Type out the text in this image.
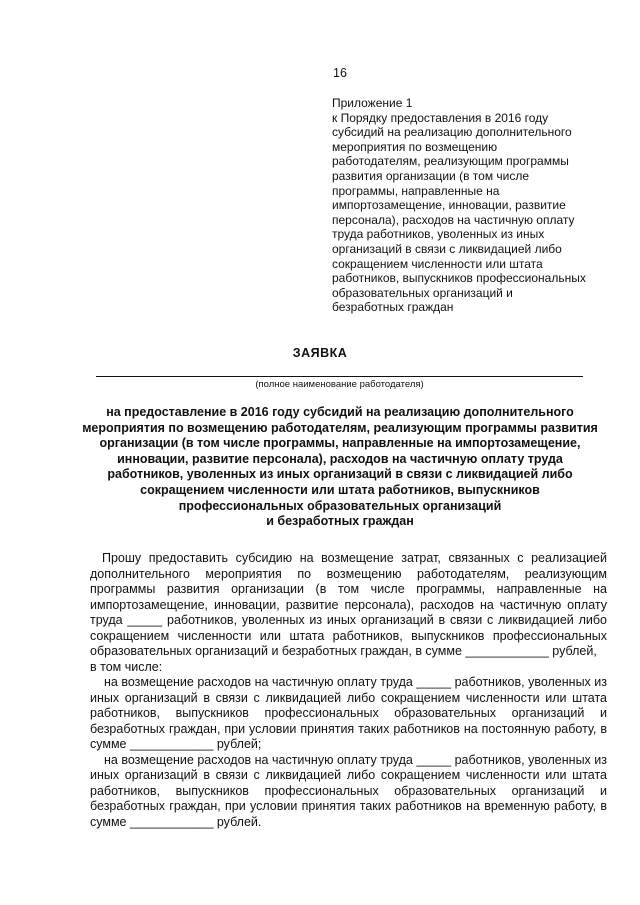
16
Приложение 1
к Порядку предоставления в 2016 году
субсидий на реализацию дополнительного
мероприятия по возмещению
работодателям, реализующим программы
развития организации (в том числе
программы, направленные на
импортозамещение, инновации, развитие
персонала), расходов на частичную оплату
труда работников, уволенных из иных
организаций в связи с ликвидацией либо
сокращением численности или штата
работников, выпускников профессиональных
образовательных организаций и
безработных граждан
ЗАЯВКА
(полное наименование работодателя)
на предоставление в 2016 году субсидий на реализацию дополнительного
мероприятия по возмещению работодателям, реализующим программы развития
организации (в том числе программы, направленные на импортозамещение,
инновации, развитие персонала), расходов на частичную оплату труда
работников, уволенных из иных организаций в связи с ликвидацией либо
сокращением численности или штата работников, выпускников
профессиональных образовательных организаций
и безработных граждан

Прошу предоставить субсидию на возмещение затрат, связанных с реализацией дополнительного мероприятия по возмещению работодателям, реализующим программы развития организации (в том числе программы, направленные на импортозамещение, инновации, развитие персонала), расходов на частичную оплату труда _____ работников, уволенных из иных организаций в связи с ликвидацией либо сокращением численности или штата работников, выпускников профессиональных образовательных организаций и безработных граждан, в сумме ____________ рублей,

в том числе:

на возмещение расходов на частичную оплату труда _____ работников, уволенных из иных организаций в связи с ликвидацией либо сокращением численности или штата работников, выпускников профессиональных образовательных организаций и безработных граждан, при условии принятия таких работников на постоянную работу, в сумме ____________ рублей;

на возмещение расходов на частичную оплату труда _____ работников, уволенных из иных организаций в связи с ликвидацией либо сокращением численности или штата работников, выпускников профессиональных образовательных организаций и безработных граждан, при условии принятия таких работников на временную работу, в сумме ____________ рублей.
